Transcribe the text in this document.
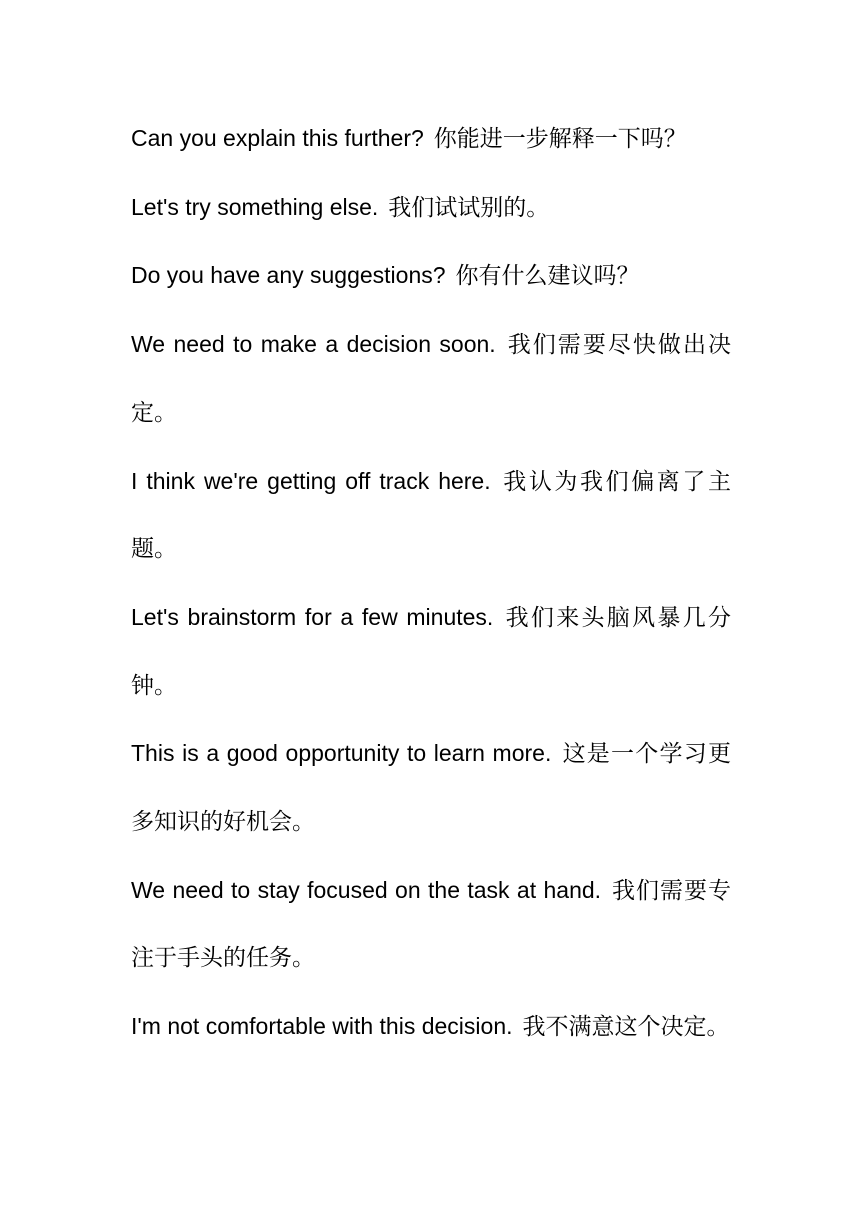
Can you explain this further? 你能进一步解释一下吗？

Let's try something else. 我们试试别的。

Do you have any suggestions? 你有什么建议吗？

We need to make a decision soon. 我们需要尽快做出决定。

I think we're getting off track here. 我认为我们偏离了主题。

Let's brainstorm for a few minutes. 我们来头脑风暴几分钟。

This is a good opportunity to learn more. 这是一个学习更多知识的好机会。

We need to stay focused on the task at hand. 我们需要专注于手头的任务。

I'm not comfortable with this decision. 我不满意这个决定。
